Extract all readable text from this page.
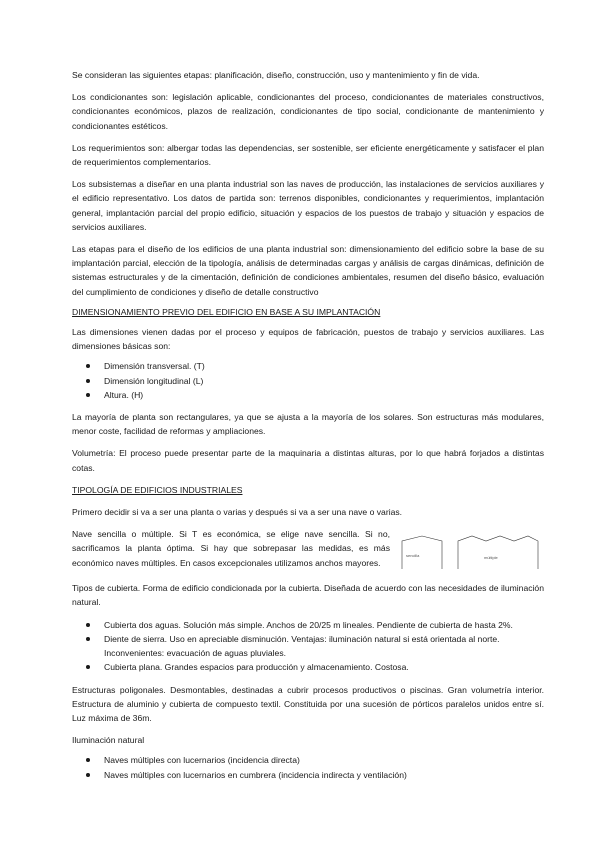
Se consideran las siguientes etapas: planificación, diseño, construcción, uso y mantenimiento y fin de vida.

Los condicionantes son: legislación aplicable, condicionantes del proceso, condicionantes de materiales constructivos, condicionantes económicos, plazos de realización, condicionantes de tipo social, condicionante de mantenimiento y condicionantes estéticos.

Los requerimientos son: albergar todas las dependencias, ser sostenible, ser eficiente energéticamente y satisfacer el plan de requerimientos complementarios.

Los subsistemas a diseñar en una planta industrial son las naves de producción, las instalaciones de servicios auxiliares y el edificio representativo. Los datos de partida son: terrenos disponibles, condicionantes y requerimientos, implantación general, implantación parcial del propio edificio, situación y espacios de los puestos de trabajo y situación y espacios de servicios auxiliares.

Las etapas para el diseño de los edificios de una planta industrial son: dimensionamiento del edificio sobre la base de su implantación parcial, elección de la tipología, análisis de determinadas cargas y análisis de cargas dinámicas, definición de sistemas estructurales y de la cimentación, definición de condiciones ambientales, resumen del diseño básico, evaluación del cumplimiento de condiciones y diseño de detalle constructivo

DIMENSIONAMIENTO PREVIO DEL EDIFICIO EN BASE A SU IMPLANTACIÓN

Las dimensiones vienen dadas por el proceso y equipos de fabricación, puestos de trabajo y servicios auxiliares. Las dimensiones básicas son:

Dimensión transversal. (T)
Dimensión longitudinal (L)
Altura. (H)

La mayoría de planta son rectangulares, ya que se ajusta a la mayoría de los solares. Son estructuras más modulares, menor coste, facilidad de reformas y ampliaciones.

Volumetría: El proceso puede presentar parte de la maquinaria a distintas alturas, por lo que habrá forjados a distintas cotas.

TIPOLOGÍA DE EDIFICIOS INDUSTRIALES

Primero decidir si va a ser una planta o varias y después si va a ser una nave o varias.

Nave sencilla o múltiple. Si T es económica, se elige nave sencilla. Si no, sacrificamos la planta óptima. Si hay que sobrepasar las medidas, es más económico naves múltiples. En casos excepcionales utilizamos anchos mayores.

sencilla	múltiple

Tipos de cubierta. Forma de edificio condicionada por la cubierta. Diseñada de acuerdo con las necesidades de iluminación natural.

Cubierta dos aguas. Solución más simple. Anchos de 20/25 m lineales. Pendiente de cubierta de hasta 2%.
Diente de sierra. Uso en apreciable disminución. Ventajas: iluminación natural si está orientada al norte. Inconvenientes: evacuación de aguas pluviales.
Cubierta plana. Grandes espacios para producción y almacenamiento. Costosa.

Estructuras poligonales. Desmontables, destinadas a cubrir procesos productivos o piscinas. Gran volumetría interior. Estructura de aluminio y cubierta de compuesto textil. Constituida por una sucesión de pórticos paralelos unidos entre sí. Luz máxima de 36m.

Iluminación natural

Naves múltiples con lucernarios (incidencia directa)
Naves múltiples con lucernarios en cumbrera (incidencia indirecta y ventilación)
